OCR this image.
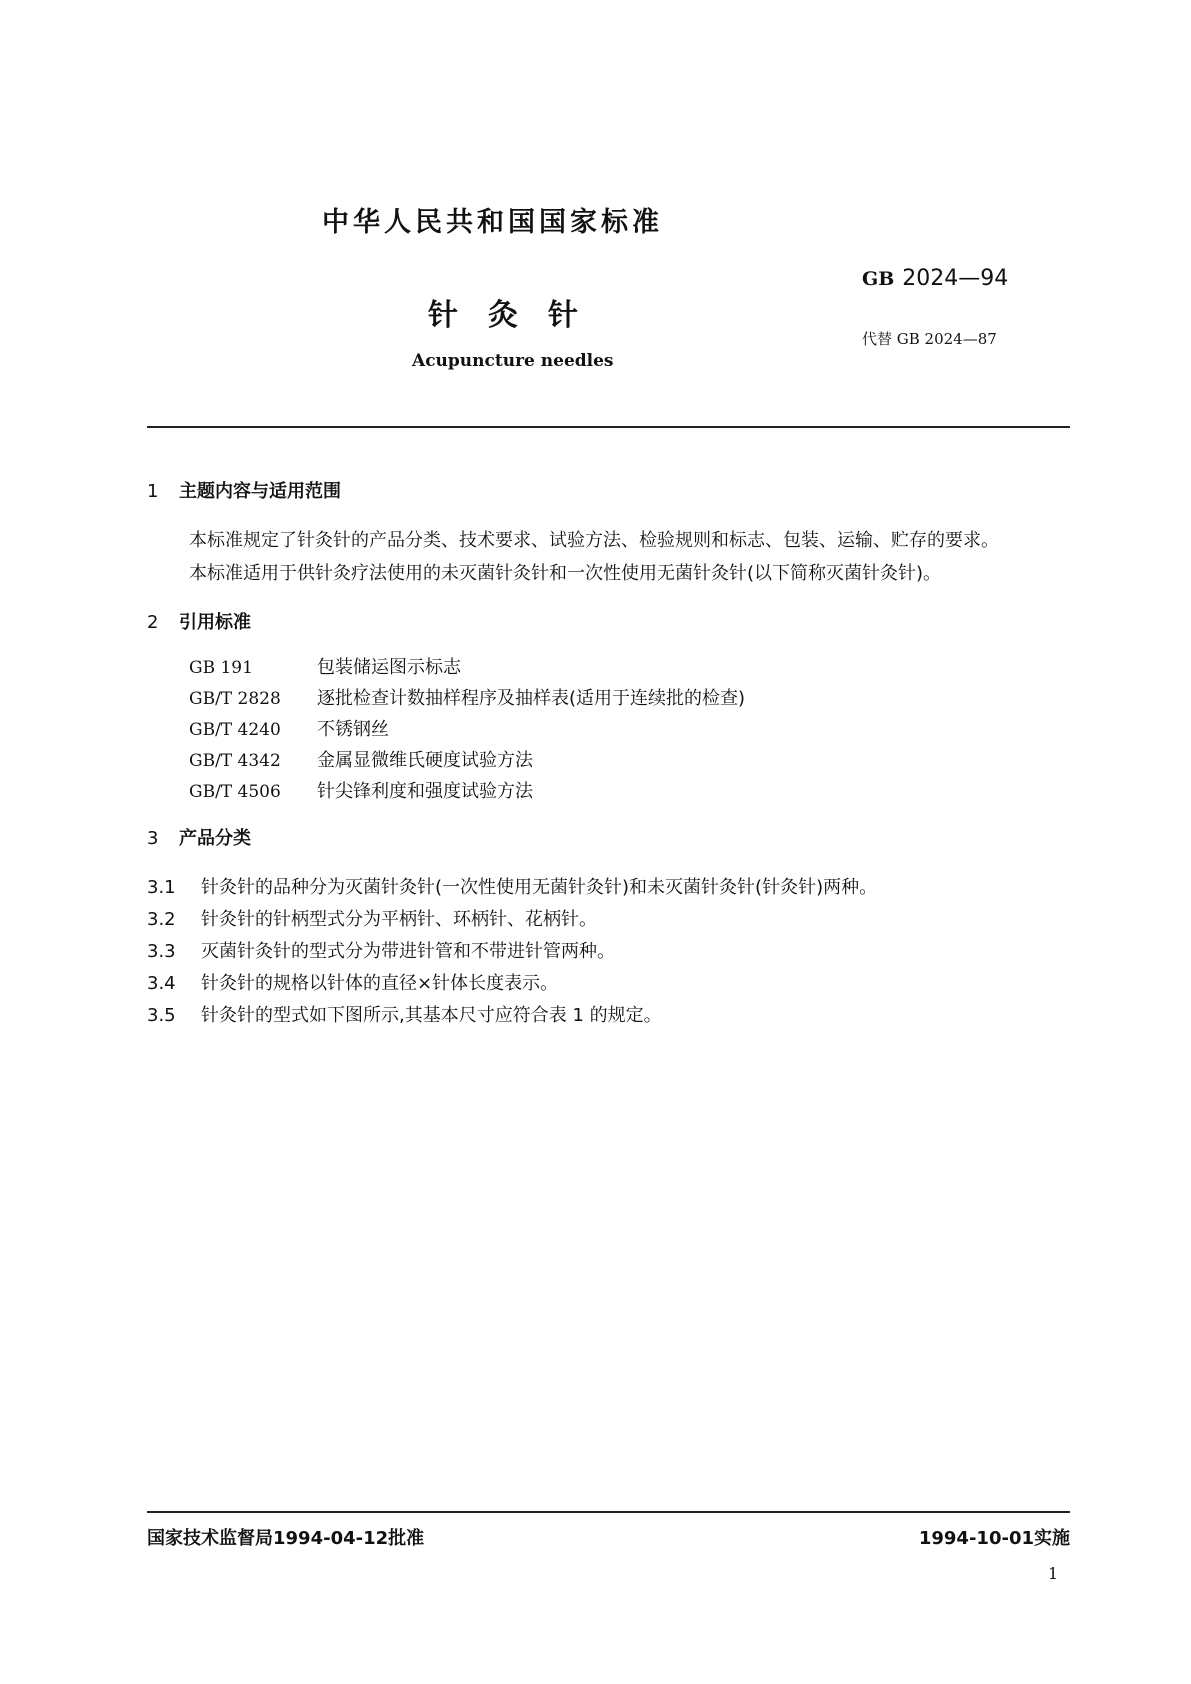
中华人民共和国国家标准
GB 2024—94
针灸针
代替 GB 2024—87
Acupuncture needles
1 主题内容与适用范围
本标准规定了针灸针的产品分类、技术要求、试验方法、检验规则和标志、包装、运输、贮存的要求。
本标准适用于供针灸疗法使用的未灭菌针灸针和一次性使用无菌针灸针(以下简称灭菌针灸针)。
2 引用标准
GB 191	包装储运图示标志
GB/T 2828 逐批检查计数抽样程序及抽样表(适用于连续批的检查)
GB/T 4240 不锈钢丝
GB/T 4342 金属显微维氏硬度试验方法
GB/T 4506 针尖锋利度和强度试验方法
3 产品分类
3.1 针灸针的品种分为灭菌针灸针(一次性使用无菌针灸针)和未灭菌针灸针(针灸针)两种。
3.2 针灸针的针柄型式分为平柄针、环柄针、花柄针。
3.3 灭菌针灸针的型式分为带进针管和不带进针管两种。
3.4 针灸针的规格以针体的直径×针体长度表示。
3.5 针灸针的型式如下图所示,其基本尺寸应符合表 1 的规定。
国家技术监督局1994-04-12批准	1994-10-01实施
1
